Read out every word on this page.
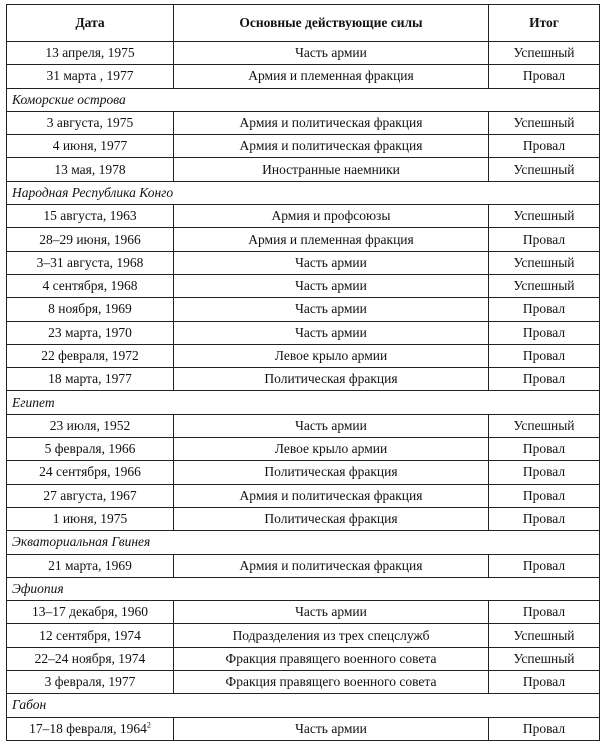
Дата	Основные действующие силы	Итог
13 апреля, 1975	Часть армии	Успешный
31 марта , 1977	Армия и племенная фракция	Провал
Коморские острова		
3 августа, 1975	Армия и политическая фракция	Успешный
4 июня, 1977	Армия и политическая фракция	Провал
13 мая, 1978	Иностранные наемники	Успешный
Народная Республика Конго		
15 августа, 1963	Армия и профсоюзы	Успешный
28–29 июня, 1966	Армия и племенная фракция	Провал
3–31 августа, 1968	Часть армии	Успешный
4 сентября, 1968	Часть армии	Успешный
8 ноября, 1969	Часть армии	Провал
23 марта, 1970	Часть армии	Провал
22 февраля, 1972	Левое крыло армии	Провал
18 марта, 1977	Политическая фракция	Провал
Египет		
23 июля, 1952	Часть армии	Успешный
5 февраля, 1966	Левое крыло армии	Провал
24 сентября, 1966	Политическая фракция	Провал
27 августа, 1967	Армия и политическая фракция	Провал
1 июня, 1975	Политическая фракция	Провал
Экваториальная Гвинея		
21 марта, 1969	Армия и политическая фракция	Провал
Эфиопия		
13–17 декабря, 1960	Часть армии	Провал
12 сентября, 1974	Подразделения из трех спецслужб	Успешный
22–24 ноября, 1974	Фракция правящего военного совета	Успешный
3 февраля, 1977	Фракция правящего военного совета	Провал
Габон		
17–18 февраля, 1964$^2$	Часть армии	Провал
